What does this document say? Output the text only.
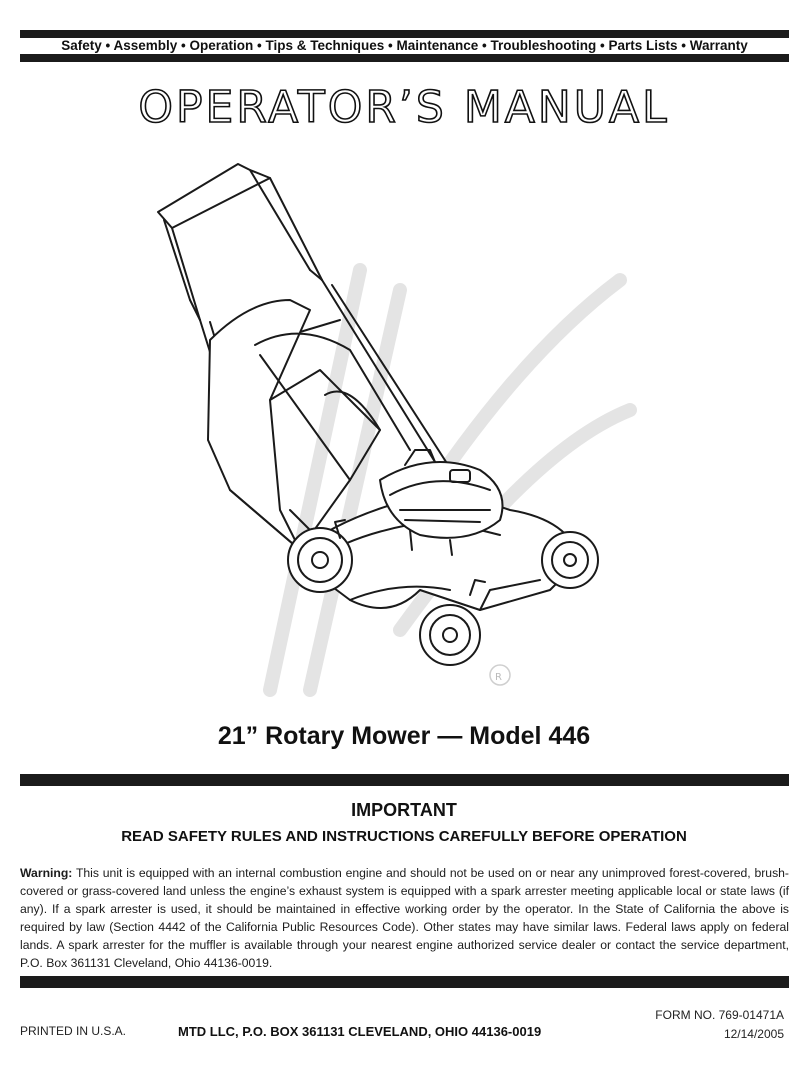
Safety • Assembly • Operation • Tips & Techniques • Maintenance • Troubleshooting • Parts Lists • Warranty
OPERATOR’S MANUAL
R
21” Rotary Mower — Model 446
IMPORTANT
READ SAFETY RULES AND INSTRUCTIONS CAREFULLY BEFORE OPERATION
Warning: This unit is equipped with an internal combustion engine and should not be used on or near any unimproved forest-covered, brush-covered or grass-covered land unless the engine’s exhaust system is equipped with a spark arrester meeting applicable local or state laws (if any). If a spark arrester is used, it should be maintained in effective working order by the operator. In the State of California the above is required by law (Section 4442 of the California Public Resources Code). Other states may have similar laws. Federal laws apply on federal lands. A spark arrester for the muffler is available through your nearest engine authorized service dealer or contact the service department, P.O. Box 361131 Cleveland, Ohio 44136-0019.
PRINTED IN U.S.A.	MTD LLC, P.O. BOX 361131 CLEVELAND, OHIO 44136-0019
FORM NO. 769-01471A
12/14/2005
